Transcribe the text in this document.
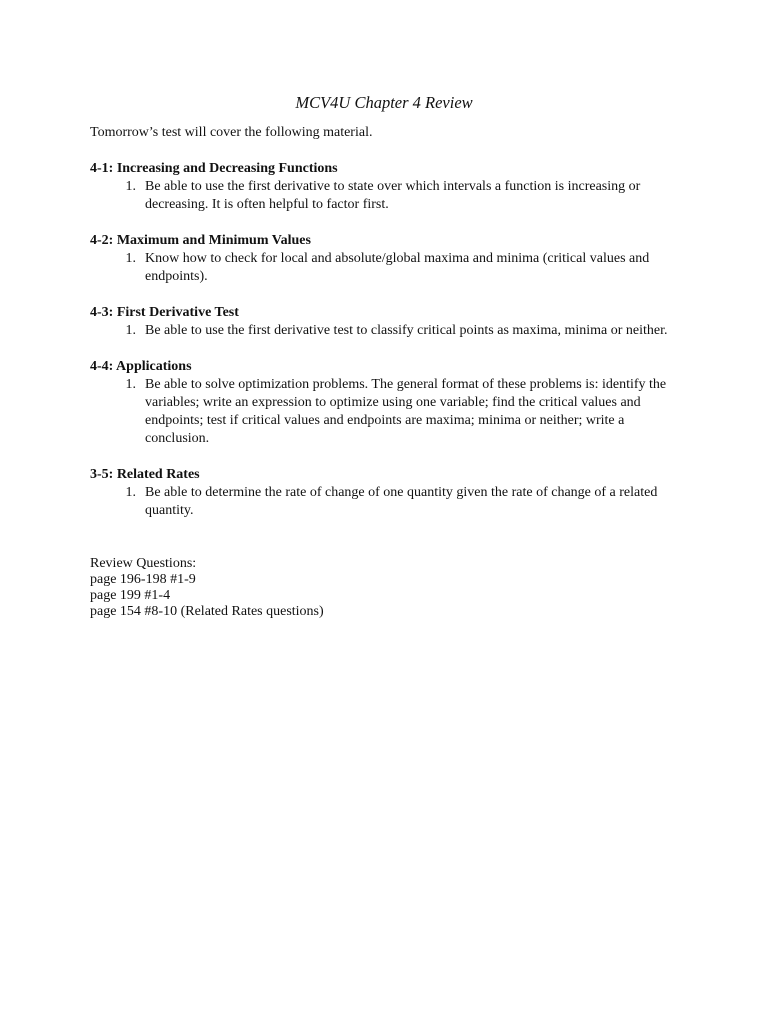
MCV4U Chapter 4 Review

Tomorrow’s test will cover the following material.

4-1: Increasing and Decreasing Functions

1. Be able to use the first derivative to state over which intervals a function is increasing or decreasing. It is often helpful to factor first.

4-2: Maximum and Minimum Values

1. Know how to check for local and absolute/global maxima and minima (critical values and endpoints).

4-3: First Derivative Test

1. Be able to use the first derivative test to classify critical points as maxima, minima or neither.

4-4: Applications

1. Be able to solve optimization problems. The general format of these problems is: identify the variables; write an expression to optimize using one variable; find the critical values and endpoints; test if critical values and endpoints are maxima; minima or neither; write a conclusion.

3-5: Related Rates

1. Be able to determine the rate of change of one quantity given the rate of change of a related quantity.

Review Questions:

page 196-198 #1-9

page 199 #1-4

page 154 #8-10 (Related Rates questions)
